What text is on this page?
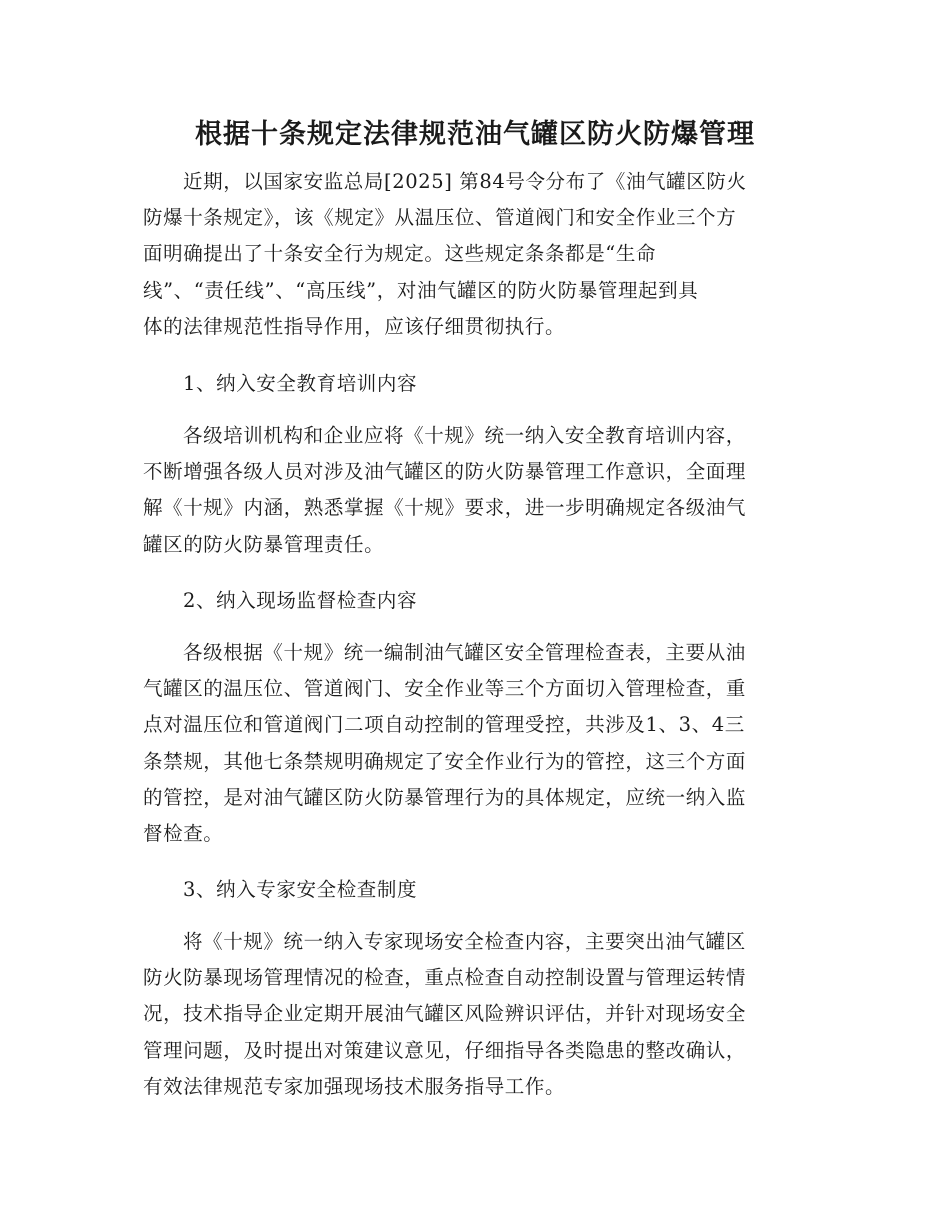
根据十条规定法律规范油气罐区防火防爆管理
近期，以国家安监总局[2025] 第84号令分布了《油气罐区防火
防爆十条规定》，该《规定》从温压位、管道阀门和安全作业三个方
面明确提出了十条安全行为规定。这些规定条条都是“生命
线”、“责任线”、“高压线”，对油气罐区的防火防暴管理起到具
体的法律规范性指导作用，应该仔细贯彻执行。

1、纳入安全教育培训内容

各级培训机构和企业应将《十规》统一纳入安全教育培训内容，
不断增强各级人员对涉及油气罐区的防火防暴管理工作意识，全面理
解《十规》内涵，熟悉掌握《十规》要求，进一步明确规定各级油气
罐区的防火防暴管理责任。

2、纳入现场监督检查内容

各级根据《十规》统一编制油气罐区安全管理检查表，主要从油
气罐区的温压位、管道阀门、安全作业等三个方面切入管理检查，重
点对温压位和管道阀门二项自动控制的管理受控，共涉及1、3、4三
条禁规，其他七条禁规明确规定了安全作业行为的管控，这三个方面
的管控，是对油气罐区防火防暴管理行为的具体规定，应统一纳入监
督检查。

3、纳入专家安全检查制度

将《十规》统一纳入专家现场安全检查内容，主要突出油气罐区
防火防暴现场管理情况的检查，重点检查自动控制设置与管理运转情
况，技术指导企业定期开展油气罐区风险辨识评估，并针对现场安全
管理问题，及时提出对策建议意见，仔细指导各类隐患的整改确认，
有效法律规范专家加强现场技术服务指导工作。
